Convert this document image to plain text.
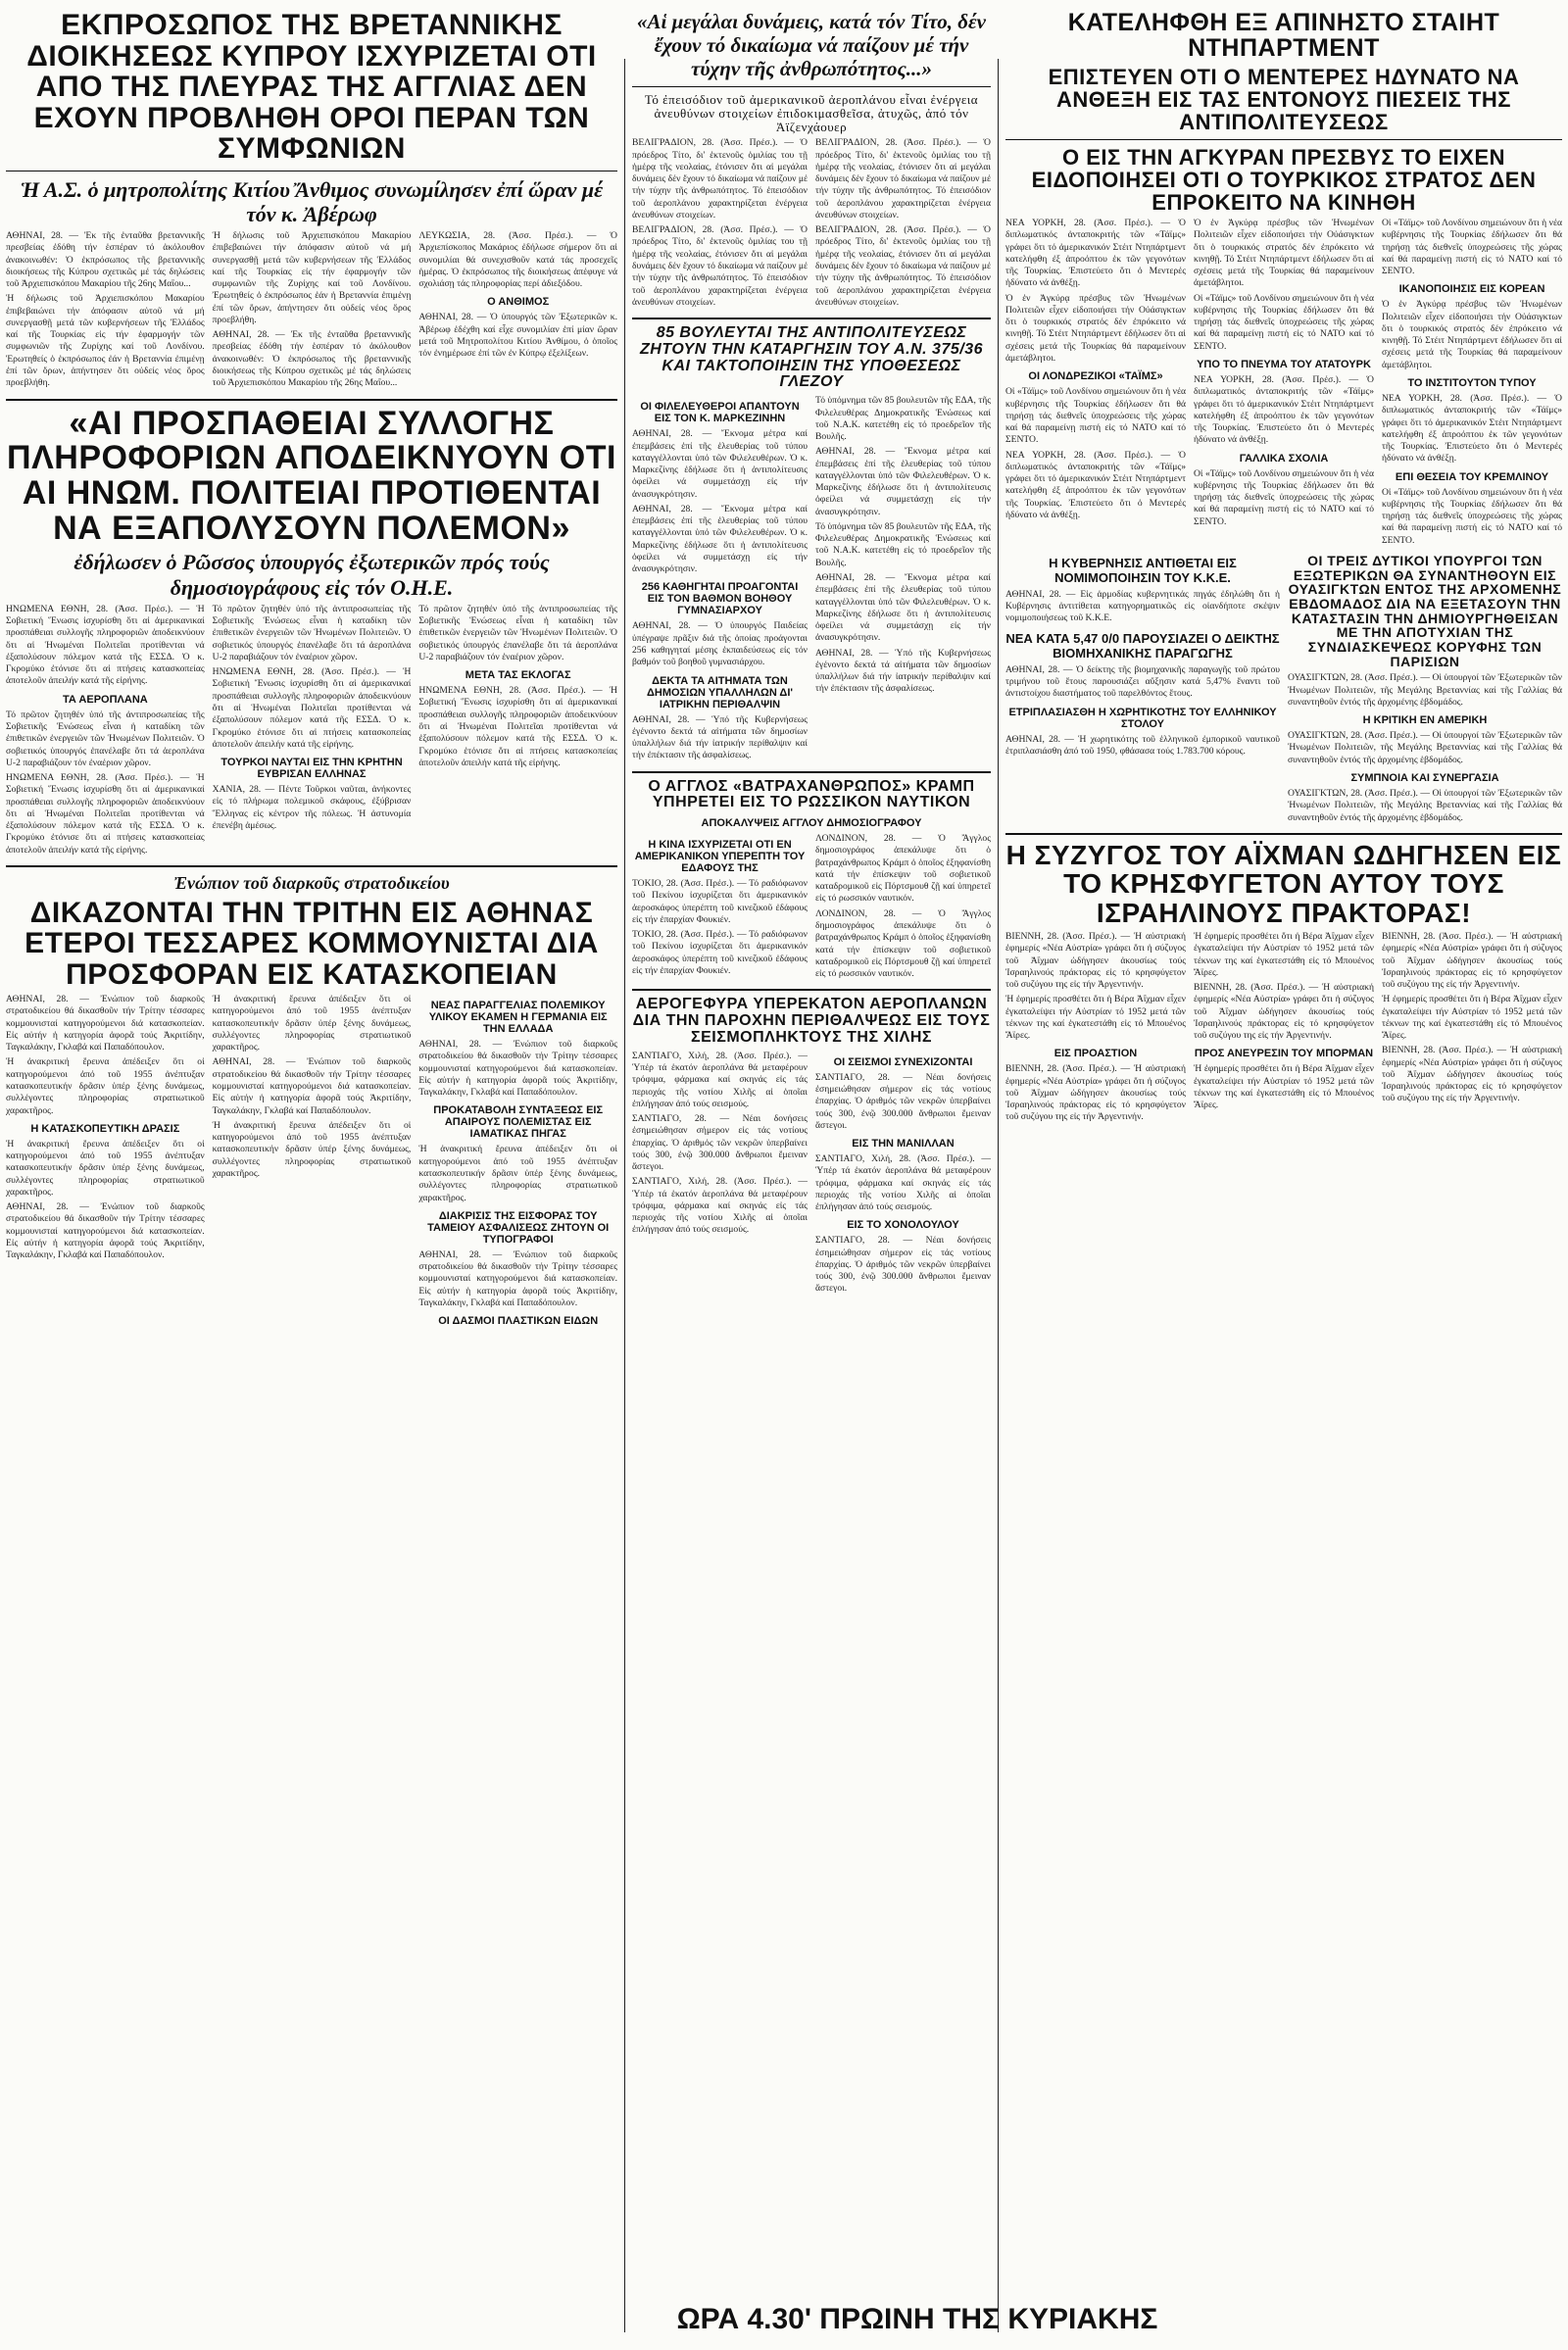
ΕΚΠΡΟΣΩΠΟΣ ΤΗΣ ΒΡΕΤΑΝΝΙΚΗΣ ΔΙΟΙΚΗΣΕΩΣ ΚΥΠΡΟΥ ΙΣΧΥΡΙΖΕΤΑΙ ΟΤΙ ΑΠΟ ΤΗΣ ΠΛΕΥΡΑΣ ΤΗΣ ΑΓΓΛΙΑΣ ΔΕΝ ΕΧΟΥΝ ΠΡΟΒΛΗΘΗ ΟΡΟΙ ΠΕΡΑΝ ΤΩΝ ΣΥΜΦΩΝΙΩΝ
Ἡ Α.Σ. ὁ μητροπολίτης Κιτίου Ἄνθιμος συνωμίλησεν ἐπί ὥραν μέ τόν κ. Ἀβέρωφ

ΑΘΗΝΑΙ, 28. — Ἐκ τῆς ἐνταῦθα βρεταννικῆς πρεσβείας ἐδόθη τήν ἑσπέραν τό ἀκόλουθον ἀνακοινωθέν: Ὁ ἐκπρόσωπος τῆς βρεταννικῆς διοικήσεως τῆς Κύπρου σχετικῶς μέ τάς δηλώσεις τοῦ Ἀρχιεπισκόπου Μακαρίου τῆς 26ης Μαΐου...

Ἡ δήλωσις τοῦ Ἀρχιεπισκόπου Μακαρίου ἐπιβεβαιώνει τήν ἀπόφασιν αὐτοῦ νά μή συνεργασθῇ μετά τῶν κυβερνήσεων τῆς Ἑλλάδος καί τῆς Τουρκίας εἰς τήν ἐφαρμογήν τῶν συμφωνιῶν τῆς Ζυρίχης καί τοῦ Λονδίνου. Ἐρωτηθείς ὁ ἐκπρόσωπος ἐάν ἡ Βρεταννία ἐπιμένῃ ἐπί τῶν ὅρων, ἀπήντησεν ὅτι οὐδείς νέος ὅρος προεβλήθη.

Ἡ δήλωσις τοῦ Ἀρχιεπισκόπου Μακαρίου ἐπιβεβαιώνει τήν ἀπόφασιν αὐτοῦ νά μή συνεργασθῇ μετά τῶν κυβερνήσεων τῆς Ἑλλάδος καί τῆς Τουρκίας εἰς τήν ἐφαρμογήν τῶν συμφωνιῶν τῆς Ζυρίχης καί τοῦ Λονδίνου. Ἐρωτηθείς ὁ ἐκπρόσωπος ἐάν ἡ Βρεταννία ἐπιμένῃ ἐπί τῶν ὅρων, ἀπήντησεν ὅτι οὐδείς νέος ὅρος προεβλήθη.

ΑΘΗΝΑΙ, 28. — Ἐκ τῆς ἐνταῦθα βρεταννικῆς πρεσβείας ἐδόθη τήν ἑσπέραν τό ἀκόλουθον ἀνακοινωθέν: Ὁ ἐκπρόσωπος τῆς βρεταννικῆς διοικήσεως τῆς Κύπρου σχετικῶς μέ τάς δηλώσεις τοῦ Ἀρχιεπισκόπου Μακαρίου τῆς 26ης Μαΐου...

ΛΕΥΚΩΣΙΑ, 28. (Ἀσσ. Πρέσ.). — Ὁ Ἀρχιεπίσκοπος Μακάριος ἐδήλωσε σήμερον ὅτι αἱ συνομιλίαι θά συνεχισθοῦν κατά τάς προσεχεῖς ἡμέρας. Ὁ ἐκπρόσωπος τῆς διοικήσεως ἀπέφυγε νά σχολιάσῃ τάς πληροφορίας περί ἀδιεξόδου.

Ο ΑΝΘΙΜΟΣ

ΑΘΗΝΑΙ, 28. — Ὁ ὑπουργός τῶν Ἐξωτερικῶν κ. Ἀβέρωφ ἐδέχθη καί εἶχε συνομιλίαν ἐπί μίαν ὥραν μετά τοῦ Μητροπολίτου Κιτίου Ἀνθίμου, ὁ ὁποῖος τόν ἐνημέρωσε ἐπί τῶν ἐν Κύπρῳ ἐξελίξεων.

«ΑΙ ΠΡΟΣΠΑΘΕΙΑΙ ΣΥΛΛΟΓΗΣ ΠΛΗΡΟΦΟΡΙΩΝ ΑΠΟΔΕΙΚΝΥΟΥΝ ΟΤΙ ΑΙ ΗΝΩΜ. ΠΟΛΙΤΕΙΑΙ ΠΡΟΤΙΘΕΝΤΑΙ ΝΑ ΕΞΑΠΟΛΥΣΟΥΝ ΠΟΛΕΜΟΝ»
ἐδήλωσεν ὁ Ρῶσσος ὑπουργός ἐξωτερικῶν πρός τούς δημοσιογράφους εἰς τόν Ο.Η.Ε.

ΗΝΩΜΕΝΑ ΕΘΝΗ, 28. (Ἀσσ. Πρέσ.). — Ἡ Σοβιετική Ἕνωσις ἰσχυρίσθη ὅτι αἱ ἀμερικανικαί προσπάθειαι συλλογῆς πληροφοριῶν ἀποδεικνύουν ὅτι αἱ Ἡνωμέναι Πολιτεῖαι προτίθενται νά ἐξαπολύσουν πόλεμον κατά τῆς ΕΣΣΔ. Ὁ κ. Γκρομύκο ἐτόνισε ὅτι αἱ πτήσεις κατασκοπείας ἀποτελοῦν ἀπειλήν κατά τῆς εἰρήνης.

ΤΑ ΑΕΡΟΠΛΑΝΑ

Τό πρῶτον ζητηθέν ὑπό τῆς ἀντιπροσωπείας τῆς Σοβιετικῆς Ἑνώσεως εἶναι ἡ καταδίκη τῶν ἐπιθετικῶν ἐνεργειῶν τῶν Ἡνωμένων Πολιτειῶν. Ὁ σοβιετικός ὑπουργός ἐπανέλαβε ὅτι τά ἀεροπλάνα U-2 παραβιάζουν τόν ἐναέριον χῶρον.

ΗΝΩΜΕΝΑ ΕΘΝΗ, 28. (Ἀσσ. Πρέσ.). — Ἡ Σοβιετική Ἕνωσις ἰσχυρίσθη ὅτι αἱ ἀμερικανικαί προσπάθειαι συλλογῆς πληροφοριῶν ἀποδεικνύουν ὅτι αἱ Ἡνωμέναι Πολιτεῖαι προτίθενται νά ἐξαπολύσουν πόλεμον κατά τῆς ΕΣΣΔ. Ὁ κ. Γκρομύκο ἐτόνισε ὅτι αἱ πτήσεις κατασκοπείας ἀποτελοῦν ἀπειλήν κατά τῆς εἰρήνης.

Τό πρῶτον ζητηθέν ὑπό τῆς ἀντιπροσωπείας τῆς Σοβιετικῆς Ἑνώσεως εἶναι ἡ καταδίκη τῶν ἐπιθετικῶν ἐνεργειῶν τῶν Ἡνωμένων Πολιτειῶν. Ὁ σοβιετικός ὑπουργός ἐπανέλαβε ὅτι τά ἀεροπλάνα U-2 παραβιάζουν τόν ἐναέριον χῶρον.

ΗΝΩΜΕΝΑ ΕΘΝΗ, 28. (Ἀσσ. Πρέσ.). — Ἡ Σοβιετική Ἕνωσις ἰσχυρίσθη ὅτι αἱ ἀμερικανικαί προσπάθειαι συλλογῆς πληροφοριῶν ἀποδεικνύουν ὅτι αἱ Ἡνωμέναι Πολιτεῖαι προτίθενται νά ἐξαπολύσουν πόλεμον κατά τῆς ΕΣΣΔ. Ὁ κ. Γκρομύκο ἐτόνισε ὅτι αἱ πτήσεις κατασκοπείας ἀποτελοῦν ἀπειλήν κατά τῆς εἰρήνης.

ΤΟΥΡΚΟΙ ΝΑΥΤΑΙ ΕΙΣ ΤΗΝ ΚΡΗΤΗΝ ΕΥΒΡΙΣΑΝ ΕΛΛΗΝΑΣ

ΧΑΝΙΑ, 28. — Πέντε Τοῦρκοι ναῦται, ἀνήκοντες εἰς τό πλήρωμα πολεμικοῦ σκάφους, ἐξύβρισαν Ἕλληνας εἰς κέντρον τῆς πόλεως. Ἡ ἀστυνομία ἐπενέβη ἀμέσως.

Τό πρῶτον ζητηθέν ὑπό τῆς ἀντιπροσωπείας τῆς Σοβιετικῆς Ἑνώσεως εἶναι ἡ καταδίκη τῶν ἐπιθετικῶν ἐνεργειῶν τῶν Ἡνωμένων Πολιτειῶν. Ὁ σοβιετικός ὑπουργός ἐπανέλαβε ὅτι τά ἀεροπλάνα U-2 παραβιάζουν τόν ἐναέριον χῶρον.

ΜΕΤΑ ΤΑΣ ΕΚΛΟΓΑΣ

ΗΝΩΜΕΝΑ ΕΘΝΗ, 28. (Ἀσσ. Πρέσ.). — Ἡ Σοβιετική Ἕνωσις ἰσχυρίσθη ὅτι αἱ ἀμερικανικαί προσπάθειαι συλλογῆς πληροφοριῶν ἀποδεικνύουν ὅτι αἱ Ἡνωμέναι Πολιτεῖαι προτίθενται νά ἐξαπολύσουν πόλεμον κατά τῆς ΕΣΣΔ. Ὁ κ. Γκρομύκο ἐτόνισε ὅτι αἱ πτήσεις κατασκοπείας ἀποτελοῦν ἀπειλήν κατά τῆς εἰρήνης.

Ἐνώπιον τοῦ διαρκοῦς στρατοδικείου
ΔΙΚΑΖΟΝΤΑΙ ΤΗΝ ΤΡΙΤΗΝ ΕΙΣ ΑΘΗΝΑΣ ΕΤΕΡΟΙ ΤΕΣΣΑΡΕΣ ΚΟΜΜΟΥΝΙΣΤΑΙ ΔΙΑ ΠΡΟΣΦΟΡΑΝ ΕΙΣ ΚΑΤΑΣΚΟΠΕΙΑΝ

ΑΘΗΝΑΙ, 28. — Ἐνώπιον τοῦ διαρκοῦς στρατοδικείου θά δικασθοῦν τήν Τρίτην τέσσαρες κομμουνισταί κατηγορούμενοι διά κατασκοπείαν. Εἰς αὐτήν ἡ κατηγορία ἀφορᾶ τούς Ἀκριτίδην, Ταγκαλάκην, Γκλαβά καί Παπαδόπουλον.

Ἡ ἀνακριτική ἔρευνα ἀπέδειξεν ὅτι οἱ κατηγορούμενοι ἀπό τοῦ 1955 ἀνέπτυξαν κατασκοπευτικήν δρᾶσιν ὑπέρ ξένης δυνάμεως, συλλέγοντες πληροφορίας στρατιωτικοῦ χαρακτῆρος.

Η ΚΑΤΑΣΚΟΠΕΥΤΙΚΗ ΔΡΑΣΙΣ

Ἡ ἀνακριτική ἔρευνα ἀπέδειξεν ὅτι οἱ κατηγορούμενοι ἀπό τοῦ 1955 ἀνέπτυξαν κατασκοπευτικήν δρᾶσιν ὑπέρ ξένης δυνάμεως, συλλέγοντες πληροφορίας στρατιωτικοῦ χαρακτῆρος.

ΑΘΗΝΑΙ, 28. — Ἐνώπιον τοῦ διαρκοῦς στρατοδικείου θά δικασθοῦν τήν Τρίτην τέσσαρες κομμουνισταί κατηγορούμενοι διά κατασκοπείαν. Εἰς αὐτήν ἡ κατηγορία ἀφορᾶ τούς Ἀκριτίδην, Ταγκαλάκην, Γκλαβά καί Παπαδόπουλον.

Ἡ ἀνακριτική ἔρευνα ἀπέδειξεν ὅτι οἱ κατηγορούμενοι ἀπό τοῦ 1955 ἀνέπτυξαν κατασκοπευτικήν δρᾶσιν ὑπέρ ξένης δυνάμεως, συλλέγοντες πληροφορίας στρατιωτικοῦ χαρακτῆρος.

ΑΘΗΝΑΙ, 28. — Ἐνώπιον τοῦ διαρκοῦς στρατοδικείου θά δικασθοῦν τήν Τρίτην τέσσαρες κομμουνισταί κατηγορούμενοι διά κατασκοπείαν. Εἰς αὐτήν ἡ κατηγορία ἀφορᾶ τούς Ἀκριτίδην, Ταγκαλάκην, Γκλαβά καί Παπαδόπουλον.

Ἡ ἀνακριτική ἔρευνα ἀπέδειξεν ὅτι οἱ κατηγορούμενοι ἀπό τοῦ 1955 ἀνέπτυξαν κατασκοπευτικήν δρᾶσιν ὑπέρ ξένης δυνάμεως, συλλέγοντες πληροφορίας στρατιωτικοῦ χαρακτῆρος.

ΝΕΑΣ ΠΑΡΑΓΓΕΛΙΑΣ ΠΟΛΕΜΙΚΟΥ ΥΛΙΚΟΥ ΕΚΑΜΕΝ Η ΓΕΡΜΑΝΙΑ ΕΙΣ ΤΗΝ ΕΛΛΑΔΑ

ΑΘΗΝΑΙ, 28. — Ἐνώπιον τοῦ διαρκοῦς στρατοδικείου θά δικασθοῦν τήν Τρίτην τέσσαρες κομμουνισταί κατηγορούμενοι διά κατασκοπείαν. Εἰς αὐτήν ἡ κατηγορία ἀφορᾶ τούς Ἀκριτίδην, Ταγκαλάκην, Γκλαβά καί Παπαδόπουλον.

ΠΡΟΚΑΤΑΒΟΛΗ ΣΥΝΤΑΞΕΩΣ ΕΙΣ ΑΠΑΙΡΟΥΣ ΠΟΛΕΜΙΣΤΑΣ ΕΙΣ ΙΑΜΑΤΙΚΑΣ ΠΗΓΑΣ

Ἡ ἀνακριτική ἔρευνα ἀπέδειξεν ὅτι οἱ κατηγορούμενοι ἀπό τοῦ 1955 ἀνέπτυξαν κατασκοπευτικήν δρᾶσιν ὑπέρ ξένης δυνάμεως, συλλέγοντες πληροφορίας στρατιωτικοῦ χαρακτῆρος.

ΔΙΑΚΡΙΣΙΣ ΤΗΣ ΕΙΣΦΟΡΑΣ ΤΟΥ ΤΑΜΕΙΟΥ ΑΣΦΑΛΙΣΕΩΣ ΖΗΤΟΥΝ ΟΙ ΤΥΠΟΓΡΑΦΟΙ

ΑΘΗΝΑΙ, 28. — Ἐνώπιον τοῦ διαρκοῦς στρατοδικείου θά δικασθοῦν τήν Τρίτην τέσσαρες κομμουνισταί κατηγορούμενοι διά κατασκοπείαν. Εἰς αὐτήν ἡ κατηγορία ἀφορᾶ τούς Ἀκριτίδην, Ταγκαλάκην, Γκλαβά καί Παπαδόπουλον.

ΟΙ ΔΑΣΜΟΙ ΠΛΑΣΤΙΚΩΝ ΕΙΔΩΝ
«Αἱ μεγάλαι δυνάμεις, κατά τόν Τίτο, δέν ἔχουν τό δικαίωμα νά παίζουν μέ τήν τύχην τῆς ἀνθρωπότητος...»
Τό ἐπεισόδιον τοῦ ἀμερικανικοῦ ἀεροπλάνου εἶναι ἐνέργεια ἀνευθύνων στοιχείων ἐπιδοκιμασθεῖσα, ἀτυχῶς, ἀπό τόν Ἀϊζενχάουερ

ΒΕΛΙΓΡΑΔΙΟΝ, 28. (Ἀσσ. Πρέσ.). — Ὁ πρόεδρος Τίτο, δι' ἐκτενοῦς ὁμιλίας του τῇ ἡμέρᾳ τῆς νεολαίας, ἐτόνισεν ὅτι αἱ μεγάλαι δυνάμεις δέν ἔχουν τό δικαίωμα νά παίζουν μέ τήν τύχην τῆς ἀνθρωπότητος. Τό ἐπεισόδιον τοῦ ἀεροπλάνου χαρακτηρίζεται ἐνέργεια ἀνευθύνων στοιχείων.

ΒΕΛΙΓΡΑΔΙΟΝ, 28. (Ἀσσ. Πρέσ.). — Ὁ πρόεδρος Τίτο, δι' ἐκτενοῦς ὁμιλίας του τῇ ἡμέρᾳ τῆς νεολαίας, ἐτόνισεν ὅτι αἱ μεγάλαι δυνάμεις δέν ἔχουν τό δικαίωμα νά παίζουν μέ τήν τύχην τῆς ἀνθρωπότητος. Τό ἐπεισόδιον τοῦ ἀεροπλάνου χαρακτηρίζεται ἐνέργεια ἀνευθύνων στοιχείων.

ΒΕΛΙΓΡΑΔΙΟΝ, 28. (Ἀσσ. Πρέσ.). — Ὁ πρόεδρος Τίτο, δι' ἐκτενοῦς ὁμιλίας του τῇ ἡμέρᾳ τῆς νεολαίας, ἐτόνισεν ὅτι αἱ μεγάλαι δυνάμεις δέν ἔχουν τό δικαίωμα νά παίζουν μέ τήν τύχην τῆς ἀνθρωπότητος. Τό ἐπεισόδιον τοῦ ἀεροπλάνου χαρακτηρίζεται ἐνέργεια ἀνευθύνων στοιχείων.

ΒΕΛΙΓΡΑΔΙΟΝ, 28. (Ἀσσ. Πρέσ.). — Ὁ πρόεδρος Τίτο, δι' ἐκτενοῦς ὁμιλίας του τῇ ἡμέρᾳ τῆς νεολαίας, ἐτόνισεν ὅτι αἱ μεγάλαι δυνάμεις δέν ἔχουν τό δικαίωμα νά παίζουν μέ τήν τύχην τῆς ἀνθρωπότητος. Τό ἐπεισόδιον τοῦ ἀεροπλάνου χαρακτηρίζεται ἐνέργεια ἀνευθύνων στοιχείων.

85 ΒΟΥΛΕΥΤΑΙ ΤΗΣ ΑΝΤΙΠΟΛΙΤΕΥΣΕΩΣ ΖΗΤΟΥΝ ΤΗΝ ΚΑΤΑΡΓΗΣΙΝ ΤΟΥ Α.Ν. 375/36 ΚΑΙ ΤΑΚΤΟΠΟΙΗΣΙΝ ΤΗΣ ΥΠΟΘΕΣΕΩΣ ΓΛΕΖΟΥ
ΟΙ ΦΙΛΕΛΕΥΘΕΡΟΙ ΑΠΑΝΤΟΥΝ ΕΙΣ ΤΟΝ Κ. ΜΑΡΚΕΖΙΝΗΝ

ΑΘΗΝΑΙ, 28. — Ἔκνομα μέτρα καί ἐπεμβάσεις ἐπί τῆς ἐλευθερίας τοῦ τύπου καταγγέλλονται ὑπό τῶν Φιλελευθέρων. Ὁ κ. Μαρκεζίνης ἐδήλωσε ὅτι ἡ ἀντιπολίτευσις ὀφείλει νά συμμετάσχῃ εἰς τήν ἀνασυγκρότησιν.

ΑΘΗΝΑΙ, 28. — Ἔκνομα μέτρα καί ἐπεμβάσεις ἐπί τῆς ἐλευθερίας τοῦ τύπου καταγγέλλονται ὑπό τῶν Φιλελευθέρων. Ὁ κ. Μαρκεζίνης ἐδήλωσε ὅτι ἡ ἀντιπολίτευσις ὀφείλει νά συμμετάσχῃ εἰς τήν ἀνασυγκρότησιν.

256 ΚΑΘΗΓΗΤΑΙ ΠΡΟΑΓΟΝΤΑΙ ΕΙΣ ΤΟΝ ΒΑΘΜΟΝ ΒΟΗΘΟΥ ΓΥΜΝΑΣΙΑΡΧΟΥ

ΑΘΗΝΑΙ, 28. — Ὁ ὑπουργός Παιδείας ὑπέγραψε πρᾶξιν διά τῆς ὁποίας προάγονται 256 καθηγηταί μέσης ἐκπαιδεύσεως εἰς τόν βαθμόν τοῦ βοηθοῦ γυμνασιάρχου.

ΔΕΚΤΑ ΤΑ ΑΙΤΗΜΑΤΑ ΤΩΝ ΔΗΜΟΣΙΩΝ ΥΠΑΛΛΗΛΩΝ ΔΙ' ΙΑΤΡΙΚΗΝ ΠΕΡΙΘΑΛΨΙΝ

ΑΘΗΝΑΙ, 28. — Ὑπό τῆς Κυβερνήσεως ἐγένοντο δεκτά τά αἰτήματα τῶν δημοσίων ὑπαλλήλων διά τήν ἰατρικήν περίθαλψιν καί τήν ἐπέκτασιν τῆς ἀσφαλίσεως.

Τό ὑπόμνημα τῶν 85 βουλευτῶν τῆς ΕΔΑ, τῆς Φιλελευθέρας Δημοκρατικῆς Ἑνώσεως καί τοῦ Ν.Α.Κ. κατετέθη εἰς τό προεδρεῖον τῆς Βουλῆς.

ΑΘΗΝΑΙ, 28. — Ἔκνομα μέτρα καί ἐπεμβάσεις ἐπί τῆς ἐλευθερίας τοῦ τύπου καταγγέλλονται ὑπό τῶν Φιλελευθέρων. Ὁ κ. Μαρκεζίνης ἐδήλωσε ὅτι ἡ ἀντιπολίτευσις ὀφείλει νά συμμετάσχῃ εἰς τήν ἀνασυγκρότησιν.

Τό ὑπόμνημα τῶν 85 βουλευτῶν τῆς ΕΔΑ, τῆς Φιλελευθέρας Δημοκρατικῆς Ἑνώσεως καί τοῦ Ν.Α.Κ. κατετέθη εἰς τό προεδρεῖον τῆς Βουλῆς.

ΑΘΗΝΑΙ, 28. — Ἔκνομα μέτρα καί ἐπεμβάσεις ἐπί τῆς ἐλευθερίας τοῦ τύπου καταγγέλλονται ὑπό τῶν Φιλελευθέρων. Ὁ κ. Μαρκεζίνης ἐδήλωσε ὅτι ἡ ἀντιπολίτευσις ὀφείλει νά συμμετάσχῃ εἰς τήν ἀνασυγκρότησιν.

ΑΘΗΝΑΙ, 28. — Ὑπό τῆς Κυβερνήσεως ἐγένοντο δεκτά τά αἰτήματα τῶν δημοσίων ὑπαλλήλων διά τήν ἰατρικήν περίθαλψιν καί τήν ἐπέκτασιν τῆς ἀσφαλίσεως.

Ο ΑΓΓΛΟΣ «ΒΑΤΡΑΧΑΝΘΡΩΠΟΣ» ΚΡΑΜΠ ΥΠΗΡΕΤΕΙ ΕΙΣ ΤΟ ΡΩΣΣΙΚΟΝ ΝΑΥΤΙΚΟΝ
ΑΠΟΚΑΛΥΨΕΙΣ ΑΓΓΛΟΥ ΔΗΜΟΣΙΟΓΡΑΦΟΥ
Η ΚΙΝΑ ΙΣΧΥΡΙΖΕΤΑΙ ΟΤΙ ΕΝ ΑΜΕΡΙΚΑΝΙΚΟΝ ΥΠΕΡΕΠΤΗ ΤΟΥ ΕΔΑΦΟΥΣ ΤΗΣ

ΤΟΚΙΟ, 28. (Ἀσσ. Πρέσ.). — Τό ραδιόφωνον τοῦ Πεκίνου ἰσχυρίζεται ὅτι ἀμερικανικόν ἀεροσκάφος ὑπερέπτη τοῦ κινεζικοῦ ἐδάφους εἰς τήν ἐπαρχίαν Φουκιέν.

ΤΟΚΙΟ, 28. (Ἀσσ. Πρέσ.). — Τό ραδιόφωνον τοῦ Πεκίνου ἰσχυρίζεται ὅτι ἀμερικανικόν ἀεροσκάφος ὑπερέπτη τοῦ κινεζικοῦ ἐδάφους εἰς τήν ἐπαρχίαν Φουκιέν.

ΛΟΝΔΙΝΟΝ, 28. — Ὁ Ἄγγλος δημοσιογράφος ἀπεκάλυψε ὅτι ὁ βατραχάνθρωπος Κράμπ ὁ ὁποῖος ἐξηφανίσθη κατά τήν ἐπίσκεψιν τοῦ σοβιετικοῦ καταδρομικοῦ εἰς Πόρτσμουθ ζῇ καί ὑπηρετεῖ εἰς τό ρωσσικόν ναυτικόν.

ΛΟΝΔΙΝΟΝ, 28. — Ὁ Ἄγγλος δημοσιογράφος ἀπεκάλυψε ὅτι ὁ βατραχάνθρωπος Κράμπ ὁ ὁποῖος ἐξηφανίσθη κατά τήν ἐπίσκεψιν τοῦ σοβιετικοῦ καταδρομικοῦ εἰς Πόρτσμουθ ζῇ καί ὑπηρετεῖ εἰς τό ρωσσικόν ναυτικόν.

ΑΕΡΟΓΕΦΥΡΑ ΥΠΕΡΕΚΑΤΟΝ ΑΕΡΟΠΛΑΝΩΝ ΔΙΑ ΤΗΝ ΠΑΡΟΧΗΝ ΠΕΡΙΘΑΛΨΕΩΣ ΕΙΣ ΤΟΥΣ ΣΕΙΣΜΟΠΛΗΚΤΟΥΣ ΤΗΣ ΧΙΛΗΣ

ΣΑΝΤΙΑΓΟ, Χιλή, 28. (Ἀσσ. Πρέσ.). — Ὑπέρ τά ἑκατόν ἀεροπλάνα θά μεταφέρουν τρόφιμα, φάρμακα καί σκηνάς εἰς τάς περιοχάς τῆς νοτίου Χιλῆς αἱ ὁποῖαι ἐπλήγησαν ἀπό τούς σεισμούς.

ΣΑΝΤΙΑΓΟ, 28. — Νέαι δονήσεις ἐσημειώθησαν σήμερον εἰς τάς νοτίους ἐπαρχίας. Ὁ ἀριθμός τῶν νεκρῶν ὑπερβαίνει τούς 300, ἐνῷ 300.000 ἄνθρωποι ἔμειναν ἄστεγοι.

ΣΑΝΤΙΑΓΟ, Χιλή, 28. (Ἀσσ. Πρέσ.). — Ὑπέρ τά ἑκατόν ἀεροπλάνα θά μεταφέρουν τρόφιμα, φάρμακα καί σκηνάς εἰς τάς περιοχάς τῆς νοτίου Χιλῆς αἱ ὁποῖαι ἐπλήγησαν ἀπό τούς σεισμούς.

ΟΙ ΣΕΙΣΜΟΙ ΣΥΝΕΧΙΖΟΝΤΑΙ

ΣΑΝΤΙΑΓΟ, 28. — Νέαι δονήσεις ἐσημειώθησαν σήμερον εἰς τάς νοτίους ἐπαρχίας. Ὁ ἀριθμός τῶν νεκρῶν ὑπερβαίνει τούς 300, ἐνῷ 300.000 ἄνθρωποι ἔμειναν ἄστεγοι.

ΕΙΣ ΤΗΝ ΜΑΝΙΛΛΑΝ

ΣΑΝΤΙΑΓΟ, Χιλή, 28. (Ἀσσ. Πρέσ.). — Ὑπέρ τά ἑκατόν ἀεροπλάνα θά μεταφέρουν τρόφιμα, φάρμακα καί σκηνάς εἰς τάς περιοχάς τῆς νοτίου Χιλῆς αἱ ὁποῖαι ἐπλήγησαν ἀπό τούς σεισμούς.

ΕΙΣ ΤΟ ΧΟΝΟΛΟΥΛΟΥ

ΣΑΝΤΙΑΓΟ, 28. — Νέαι δονήσεις ἐσημειώθησαν σήμερον εἰς τάς νοτίους ἐπαρχίας. Ὁ ἀριθμός τῶν νεκρῶν ὑπερβαίνει τούς 300, ἐνῷ 300.000 ἄνθρωποι ἔμειναν ἄστεγοι.

ΚΑΤΕΛΗΦΘΗ ΕΞ ΑΠΙΝΗΣΤΟ ΣΤΑΙΗΤ ΝΤΗΠΑΡΤΜΕΝΤ
ΕΠΙΣΤΕΥΕΝ ΟΤΙ Ο ΜΕΝΤΕΡΕΣ ΗΔΥΝΑΤΟ ΝΑ ΑΝΘΕΞΗ ΕΙΣ ΤΑΣ ΕΝΤΟΝΟΥΣ ΠΙΕΣΕΙΣ ΤΗΣ ΑΝΤΙΠΟΛΙΤΕΥΣΕΩΣ
Ο ΕΙΣ ΤΗΝ ΑΓΚΥΡΑΝ ΠΡΕΣΒΥΣ ΤΟ ΕΙΧΕΝ ΕΙΔΟΠΟΙΗΣΕΙ ΟΤΙ Ο ΤΟΥΡΚΙΚΟΣ ΣΤΡΑΤΟΣ ΔΕΝ ΕΠΡΟΚΕΙΤΟ ΝΑ ΚΙΝΗΘΗ

ΝΕΑ ΥΟΡΚΗ, 28. (Ἀσσ. Πρέσ.). — Ὁ διπλωματικός ἀνταποκριτής τῶν «Τάϊμς» γράφει ὅτι τό ἀμερικανικόν Στέιτ Ντηπάρτμεντ κατελήφθη ἐξ ἀπροόπτου ἐκ τῶν γεγονότων τῆς Τουρκίας. Ἐπιστεύετο ὅτι ὁ Μεντερές ἠδύνατο νά ἀνθέξῃ.

Ὁ ἐν Ἀγκύρᾳ πρέσβυς τῶν Ἡνωμένων Πολιτειῶν εἶχεν εἰδοποιήσει τήν Οὐάσιγκτων ὅτι ὁ τουρκικός στρατός δέν ἐπρόκειτο νά κινηθῇ. Τό Στέιτ Ντηπάρτμεντ ἐδήλωσεν ὅτι αἱ σχέσεις μετά τῆς Τουρκίας θά παραμείνουν ἀμετάβλητοι.

ΟΙ ΛΟΝΔΡΕΖΙΚΟΙ «ΤΑΪΜΣ»

Οἱ «Τάϊμς» τοῦ Λονδίνου σημειώνουν ὅτι ἡ νέα κυβέρνησις τῆς Τουρκίας ἐδήλωσεν ὅτι θά τηρήσῃ τάς διεθνεῖς ὑποχρεώσεις τῆς χώρας καί θά παραμείνῃ πιστή εἰς τό ΝΑΤΟ καί τό ΣΕΝΤΟ.

ΝΕΑ ΥΟΡΚΗ, 28. (Ἀσσ. Πρέσ.). — Ὁ διπλωματικός ἀνταποκριτής τῶν «Τάϊμς» γράφει ὅτι τό ἀμερικανικόν Στέιτ Ντηπάρτμεντ κατελήφθη ἐξ ἀπροόπτου ἐκ τῶν γεγονότων τῆς Τουρκίας. Ἐπιστεύετο ὅτι ὁ Μεντερές ἠδύνατο νά ἀνθέξῃ.

Ὁ ἐν Ἀγκύρᾳ πρέσβυς τῶν Ἡνωμένων Πολιτειῶν εἶχεν εἰδοποιήσει τήν Οὐάσιγκτων ὅτι ὁ τουρκικός στρατός δέν ἐπρόκειτο νά κινηθῇ. Τό Στέιτ Ντηπάρτμεντ ἐδήλωσεν ὅτι αἱ σχέσεις μετά τῆς Τουρκίας θά παραμείνουν ἀμετάβλητοι.

Οἱ «Τάϊμς» τοῦ Λονδίνου σημειώνουν ὅτι ἡ νέα κυβέρνησις τῆς Τουρκίας ἐδήλωσεν ὅτι θά τηρήσῃ τάς διεθνεῖς ὑποχρεώσεις τῆς χώρας καί θά παραμείνῃ πιστή εἰς τό ΝΑΤΟ καί τό ΣΕΝΤΟ.

ΥΠΟ ΤΟ ΠΝΕΥΜΑ ΤΟΥ ΑΤΑΤΟΥΡΚ

ΝΕΑ ΥΟΡΚΗ, 28. (Ἀσσ. Πρέσ.). — Ὁ διπλωματικός ἀνταποκριτής τῶν «Τάϊμς» γράφει ὅτι τό ἀμερικανικόν Στέιτ Ντηπάρτμεντ κατελήφθη ἐξ ἀπροόπτου ἐκ τῶν γεγονότων τῆς Τουρκίας. Ἐπιστεύετο ὅτι ὁ Μεντερές ἠδύνατο νά ἀνθέξῃ.

ΓΑΛΛΙΚΑ ΣΧΟΛΙΑ

Οἱ «Τάϊμς» τοῦ Λονδίνου σημειώνουν ὅτι ἡ νέα κυβέρνησις τῆς Τουρκίας ἐδήλωσεν ὅτι θά τηρήσῃ τάς διεθνεῖς ὑποχρεώσεις τῆς χώρας καί θά παραμείνῃ πιστή εἰς τό ΝΑΤΟ καί τό ΣΕΝΤΟ.

Οἱ «Τάϊμς» τοῦ Λονδίνου σημειώνουν ὅτι ἡ νέα κυβέρνησις τῆς Τουρκίας ἐδήλωσεν ὅτι θά τηρήσῃ τάς διεθνεῖς ὑποχρεώσεις τῆς χώρας καί θά παραμείνῃ πιστή εἰς τό ΝΑΤΟ καί τό ΣΕΝΤΟ.

ΙΚΑΝΟΠΟΙΗΣΙΣ ΕΙΣ ΚΟΡΕΑΝ

Ὁ ἐν Ἀγκύρᾳ πρέσβυς τῶν Ἡνωμένων Πολιτειῶν εἶχεν εἰδοποιήσει τήν Οὐάσιγκτων ὅτι ὁ τουρκικός στρατός δέν ἐπρόκειτο νά κινηθῇ. Τό Στέιτ Ντηπάρτμεντ ἐδήλωσεν ὅτι αἱ σχέσεις μετά τῆς Τουρκίας θά παραμείνουν ἀμετάβλητοι.

ΤΟ ΙΝΣΤΙΤΟΥΤΟΝ ΤΥΠΟΥ

ΝΕΑ ΥΟΡΚΗ, 28. (Ἀσσ. Πρέσ.). — Ὁ διπλωματικός ἀνταποκριτής τῶν «Τάϊμς» γράφει ὅτι τό ἀμερικανικόν Στέιτ Ντηπάρτμεντ κατελήφθη ἐξ ἀπροόπτου ἐκ τῶν γεγονότων τῆς Τουρκίας. Ἐπιστεύετο ὅτι ὁ Μεντερές ἠδύνατο νά ἀνθέξῃ.

ΕΠΙ ΘΕΣΕΙΑ ΤΟΥ ΚΡΕΜΛΙΝΟΥ

Οἱ «Τάϊμς» τοῦ Λονδίνου σημειώνουν ὅτι ἡ νέα κυβέρνησις τῆς Τουρκίας ἐδήλωσεν ὅτι θά τηρήσῃ τάς διεθνεῖς ὑποχρεώσεις τῆς χώρας καί θά παραμείνῃ πιστή εἰς τό ΝΑΤΟ καί τό ΣΕΝΤΟ.

Η ΚΥΒΕΡΝΗΣΙΣ ΑΝΤΙΘΕΤΑΙ ΕΙΣ ΝΟΜΙΜΟΠΟΙΗΣΙΝ ΤΟΥ Κ.Κ.Ε.

ΑΘΗΝΑΙ, 28. — Εἰς ἁρμοδίας κυβερνητικάς πηγάς ἐδηλώθη ὅτι ἡ Κυβέρνησις ἀντιτίθεται κατηγορηματικῶς εἰς οἱανδήποτε σκέψιν νομιμοποιήσεως τοῦ Κ.Κ.Ε.

ΝΕΑ ΚΑΤΑ 5,47 0/0 ΠΑΡΟΥΣΙΑΖΕΙ Ο ΔΕΙΚΤΗΣ ΒΙΟΜΗΧΑΝΙΚΗΣ ΠΑΡΑΓΩΓΗΣ

ΑΘΗΝΑΙ, 28. — Ὁ δείκτης τῆς βιομηχανικῆς παραγωγῆς τοῦ πρώτου τριμήνου τοῦ ἔτους παρουσιάζει αὔξησιν κατά 5,47% ἔναντι τοῦ ἀντιστοίχου διαστήματος τοῦ παρελθόντος ἔτους.

ΕΤΡΙΠΛΑΣΙΑΣΘΗ Η ΧΩΡΗΤΙΚΟΤΗΣ ΤΟΥ ΕΛΛΗΝΙΚΟΥ ΣΤΟΛΟΥ

ΑΘΗΝΑΙ, 28. — Ἡ χωρητικότης τοῦ ἑλληνικοῦ ἐμπορικοῦ ναυτικοῦ ἐτριπλασιάσθη ἀπό τοῦ 1950, φθάσασα τούς 1.783.700 κόρους.

ΟΙ ΤΡΕΙΣ ΔΥΤΙΚΟΙ ΥΠΟΥΡΓΟΙ ΤΩΝ ΕΞΩΤΕΡΙΚΩΝ ΘΑ ΣΥΝΑΝΤΗΘΟΥΝ ΕΙΣ ΟΥΑΣΙΓΚΤΩΝ ΕΝΤΟΣ ΤΗΣ ΑΡΧΟΜΕΝΗΣ ΕΒΔΟΜΑΔΟΣ ΔΙΑ ΝΑ ΕΞΕΤΑΣΟΥΝ ΤΗΝ ΚΑΤΑΣΤΑΣΙΝ ΤΗΝ ΔΗΜΙΟΥΡΓΗΘΕΙΣΑΝ ΜΕ ΤΗΝ ΑΠΟΤΥΧΙΑΝ ΤΗΣ ΣΥΝΔΙΑΣΚΕΨΕΩΣ ΚΟΡΥΦΗΣ ΤΩΝ ΠΑΡΙΣΙΩΝ

ΟΥΑΣΙΓΚΤΩΝ, 28. (Ἀσσ. Πρέσ.). — Οἱ ὑπουργοί τῶν Ἐξωτερικῶν τῶν Ἡνωμένων Πολιτειῶν, τῆς Μεγάλης Βρεταννίας καί τῆς Γαλλίας θά συναντηθοῦν ἐντός τῆς ἀρχομένης ἑβδομάδος.

Η ΚΡΙΤΙΚΗ ΕΝ ΑΜΕΡΙΚΗ

ΟΥΑΣΙΓΚΤΩΝ, 28. (Ἀσσ. Πρέσ.). — Οἱ ὑπουργοί τῶν Ἐξωτερικῶν τῶν Ἡνωμένων Πολιτειῶν, τῆς Μεγάλης Βρεταννίας καί τῆς Γαλλίας θά συναντηθοῦν ἐντός τῆς ἀρχομένης ἑβδομάδος.

ΣΥΜΠΝΟΙΑ ΚΑΙ ΣΥΝΕΡΓΑΣΙΑ

ΟΥΑΣΙΓΚΤΩΝ, 28. (Ἀσσ. Πρέσ.). — Οἱ ὑπουργοί τῶν Ἐξωτερικῶν τῶν Ἡνωμένων Πολιτειῶν, τῆς Μεγάλης Βρεταννίας καί τῆς Γαλλίας θά συναντηθοῦν ἐντός τῆς ἀρχομένης ἑβδομάδος.

Η ΣΥΖΥΓΟΣ ΤΟΥ ΑΪΧΜΑΝ ΩΔΗΓΗΣΕΝ ΕΙΣ ΤΟ ΚΡΗΣΦΥΓΕΤΟΝ ΑΥΤΟΥ ΤΟΥΣ ΙΣΡΑΗΛΙΝΟΥΣ ΠΡΑΚΤΟΡΑΣ!

ΒΙΕΝΝΗ, 28. (Ἀσσ. Πρέσ.). — Ἡ αὐστριακή ἐφημερίς «Νέα Αὐστρία» γράφει ὅτι ἡ σύζυγος τοῦ Ἀΐχμαν ὡδήγησεν ἀκουσίως τούς Ἰσραηλινούς πράκτορας εἰς τό κρησφύγετον τοῦ συζύγου της εἰς τήν Ἀργεντινήν.

Ἡ ἐφημερίς προσθέτει ὅτι ἡ Βέρα Ἀΐχμαν εἶχεν ἐγκαταλείψει τήν Αὐστρίαν τό 1952 μετά τῶν τέκνων της καί ἐγκατεστάθη εἰς τό Μπουένος Ἄϊρες.

ΕΙΣ ΠΡΟΑΣΤΙΟΝ

ΒΙΕΝΝΗ, 28. (Ἀσσ. Πρέσ.). — Ἡ αὐστριακή ἐφημερίς «Νέα Αὐστρία» γράφει ὅτι ἡ σύζυγος τοῦ Ἀΐχμαν ὡδήγησεν ἀκουσίως τούς Ἰσραηλινούς πράκτορας εἰς τό κρησφύγετον τοῦ συζύγου της εἰς τήν Ἀργεντινήν.

Ἡ ἐφημερίς προσθέτει ὅτι ἡ Βέρα Ἀΐχμαν εἶχεν ἐγκαταλείψει τήν Αὐστρίαν τό 1952 μετά τῶν τέκνων της καί ἐγκατεστάθη εἰς τό Μπουένος Ἄϊρες.

ΒΙΕΝΝΗ, 28. (Ἀσσ. Πρέσ.). — Ἡ αὐστριακή ἐφημερίς «Νέα Αὐστρία» γράφει ὅτι ἡ σύζυγος τοῦ Ἀΐχμαν ὡδήγησεν ἀκουσίως τούς Ἰσραηλινούς πράκτορας εἰς τό κρησφύγετον τοῦ συζύγου της εἰς τήν Ἀργεντινήν.

ΠΡΟΣ ΑΝΕΥΡΕΣΙΝ ΤΟΥ ΜΠΟΡΜΑΝ

Ἡ ἐφημερίς προσθέτει ὅτι ἡ Βέρα Ἀΐχμαν εἶχεν ἐγκαταλείψει τήν Αὐστρίαν τό 1952 μετά τῶν τέκνων της καί ἐγκατεστάθη εἰς τό Μπουένος Ἄϊρες.

ΒΙΕΝΝΗ, 28. (Ἀσσ. Πρέσ.). — Ἡ αὐστριακή ἐφημερίς «Νέα Αὐστρία» γράφει ὅτι ἡ σύζυγος τοῦ Ἀΐχμαν ὡδήγησεν ἀκουσίως τούς Ἰσραηλινούς πράκτορας εἰς τό κρησφύγετον τοῦ συζύγου της εἰς τήν Ἀργεντινήν.

Ἡ ἐφημερίς προσθέτει ὅτι ἡ Βέρα Ἀΐχμαν εἶχεν ἐγκαταλείψει τήν Αὐστρίαν τό 1952 μετά τῶν τέκνων της καί ἐγκατεστάθη εἰς τό Μπουένος Ἄϊρες.

ΒΙΕΝΝΗ, 28. (Ἀσσ. Πρέσ.). — Ἡ αὐστριακή ἐφημερίς «Νέα Αὐστρία» γράφει ὅτι ἡ σύζυγος τοῦ Ἀΐχμαν ὡδήγησεν ἀκουσίως τούς Ἰσραηλινούς πράκτορας εἰς τό κρησφύγετον τοῦ συζύγου της εἰς τήν Ἀργεντινήν.

ΩΡΑ 4.30' ΠΡΩΙΝΗ ΤΗΣ ΚΥΡΙΑΚΗΣ
